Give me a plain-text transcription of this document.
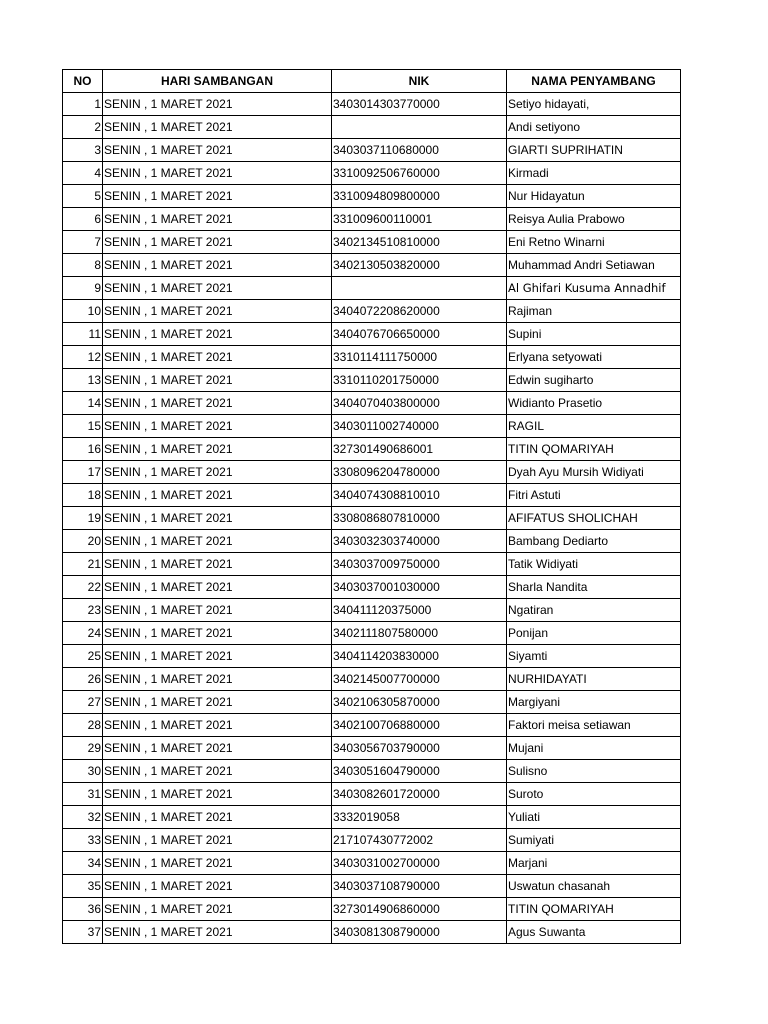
NO	HARI SAMBANGAN	NIK	NAMA PENYAMBANG
1	SENIN , 1 MARET 2021	3403014303770000	Setiyo hidayati,
2	SENIN , 1 MARET 2021		Andi setiyono
3	SENIN , 1 MARET 2021	3403037110680000	GIARTI SUPRIHATIN
4	SENIN , 1 MARET 2021	3310092506760000	Kirmadi
5	SENIN , 1 MARET 2021	3310094809800000	Nur Hidayatun
6	SENIN , 1 MARET 2021	331009600110001	Reisya Aulia Prabowo
7	SENIN , 1 MARET 2021	3402134510810000	Eni Retno Winarni
8	SENIN , 1 MARET 2021	3402130503820000	Muhammad Andri Setiawan
9	SENIN , 1 MARET 2021		Al Ghifari Kusuma Annadhif
10	SENIN , 1 MARET 2021	3404072208620000	Rajiman
11	SENIN , 1 MARET 2021	3404076706650000	Supini
12	SENIN , 1 MARET 2021	3310114111750000	Erlyana setyowati
13	SENIN , 1 MARET 2021	3310110201750000	Edwin sugiharto
14	SENIN , 1 MARET 2021	3404070403800000	Widianto Prasetio
15	SENIN , 1 MARET 2021	3403011002740000	RAGIL
16	SENIN , 1 MARET 2021	327301490686001	TITIN QOMARIYAH
17	SENIN , 1 MARET 2021	3308096204780000	Dyah Ayu Mursih Widiyati
18	SENIN , 1 MARET 2021	3404074308810010	Fitri Astuti
19	SENIN , 1 MARET 2021	3308086807810000	AFIFATUS SHOLICHAH
20	SENIN , 1 MARET 2021	3403032303740000	Bambang Dediarto
21	SENIN , 1 MARET 2021	3403037009750000	Tatik Widiyati
22	SENIN , 1 MARET 2021	3403037001030000	Sharla Nandita
23	SENIN , 1 MARET 2021	340411120375000	Ngatiran
24	SENIN , 1 MARET 2021	3402111807580000	Ponijan
25	SENIN , 1 MARET 2021	3404114203830000	Siyamti
26	SENIN , 1 MARET 2021	3402145007700000	NURHIDAYATI
27	SENIN , 1 MARET 2021	3402106305870000	Margiyani
28	SENIN , 1 MARET 2021	3402100706880000	Faktori meisa setiawan
29	SENIN , 1 MARET 2021	3403056703790000	Mujani
30	SENIN , 1 MARET 2021	3403051604790000	Sulisno
31	SENIN , 1 MARET 2021	3403082601720000	Suroto
32	SENIN , 1 MARET 2021	3332019058	Yuliati
33	SENIN , 1 MARET 2021	217107430772002	Sumiyati
34	SENIN , 1 MARET 2021	3403031002700000	Marjani
35	SENIN , 1 MARET 2021	3403037108790000	Uswatun chasanah
36	SENIN , 1 MARET 2021	3273014906860000	TITIN QOMARIYAH
37	SENIN , 1 MARET 2021	3403081308790000	Agus Suwanta
